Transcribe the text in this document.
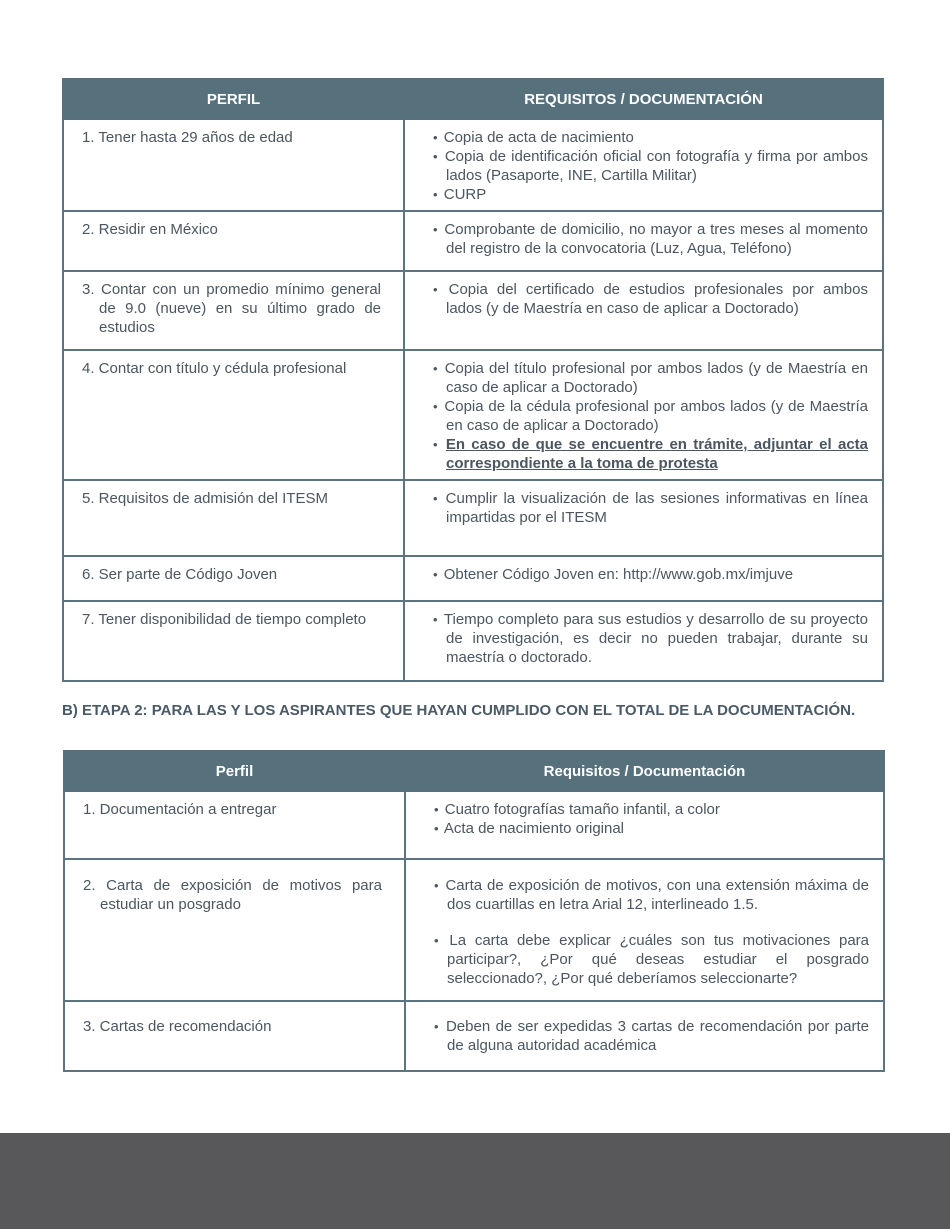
PERFIL	REQUISITOS / DOCUMENTACIÓN

1. Tener hasta 29 años de edad	• Copia de acta de nacimiento
• Copia de identificación oficial con fotografía y firma por ambos lados (Pasaporte, INE, Cartilla Militar)
• CURP

2. Residir en México	• Comprobante de domicilio, no mayor a tres meses al momento del registro de la convocatoria (Luz, Agua, Teléfono)

3. Contar con un promedio mínimo general de 9.0 (nueve) en su último grado de estudios	• Copia del certificado de estudios profesionales por ambos lados (y de Maestría en caso de aplicar a Doctorado)

4. Contar con título y cédula profesional	• Copia del título profesional por ambos lados (y de Maestría en caso de aplicar a Doctorado)
• Copia de la cédula profesional por ambos lados (y de Maestría en caso de aplicar a Doctorado)
• En caso de que se encuentre en trámite, adjuntar el acta correspondiente a la toma de protesta

5. Requisitos de admisión del ITESM	• Cumplir la visualización de las sesiones informativas en línea impartidas por el ITESM

6. Ser parte de Código Joven	• Obtener Código Joven en: http://www.gob.mx/imjuve

7. Tener disponibilidad de tiempo completo	• Tiempo completo para sus estudios y desarrollo de su proyecto de investigación, es decir no pueden trabajar, durante su maestría o doctorado.
B) ETAPA 2: PARA LAS Y LOS ASPIRANTES QUE HAYAN CUMPLIDO CON EL TOTAL DE LA DOCUMENTACIÓN.
Perfil	Requisitos / Documentación

1. Documentación a entregar	• Cuatro fotografías tamaño infantil, a color
• Acta de nacimiento original

2. Carta de exposición de motivos para estudiar un posgrado	• Carta de exposición de motivos, con una extensión máxima de dos cuartillas en letra Arial 12, interlineado 1.5.
• La carta debe explicar ¿cuáles son tus motivaciones para participar?, ¿Por qué deseas estudiar el posgrado seleccionado?, ¿Por qué deberíamos seleccionarte?

3. Cartas de recomendación	• Deben de ser expedidas 3 cartas de recomendación por parte de alguna autoridad académica
